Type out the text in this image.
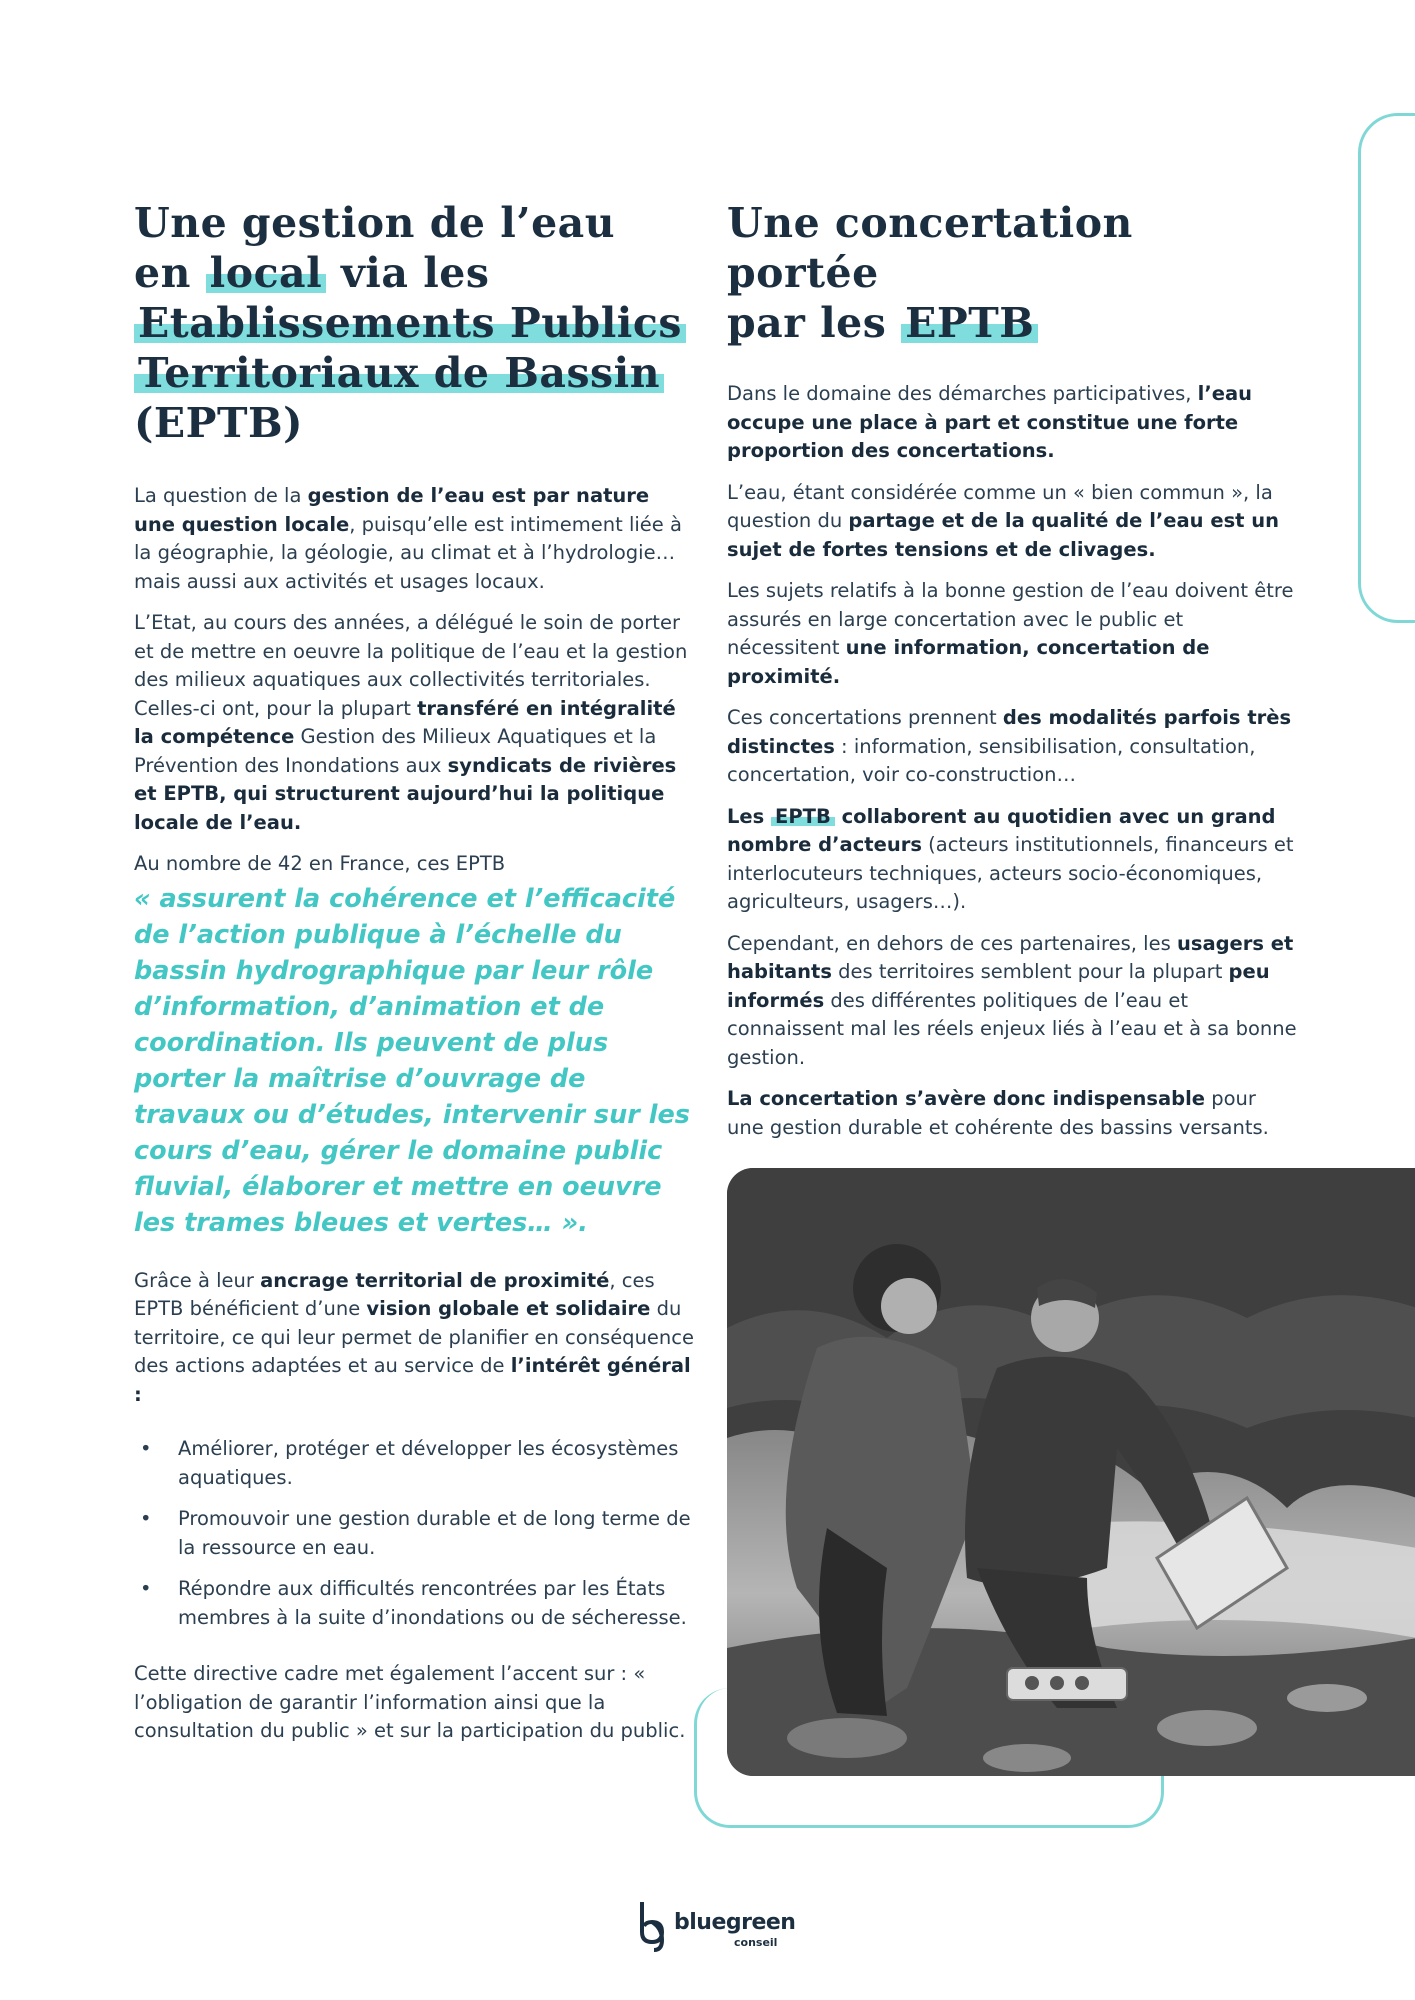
Une gestion de l’eau
en local via les
Etablissements Publics
Territoriaux de Bassin
(EPTB)

La question de la gestion de l’eau est par nature une question locale, puisqu’elle est intimement liée à la géographie, la géologie, au climat et à l’hydrologie… mais aussi aux activités et usages locaux.

L’Etat, au cours des années, a délégué le soin de porter et de mettre en oeuvre la politique de l’eau et la gestion des milieux aquatiques aux collectivités territoriales. Celles-ci ont, pour la plupart transféré en intégralité la compétence Gestion des Milieux Aquatiques et la Prévention des Inondations aux syndicats de rivières et EPTB, qui structurent aujourd’hui la politique locale de l’eau.

Au nombre de 42 en France, ces EPTB

« assurent la cohérence et l’efficacité de l’action publique à l’échelle du bassin hydrographique par leur rôle d’information, d’animation et de coordination. Ils peuvent de plus porter la maîtrise d’ouvrage de travaux ou d’études, intervenir sur les cours d’eau, gérer le domaine public fluvial, élaborer et mettre en oeuvre les trames bleues et vertes… ».

Grâce à leur ancrage territorial de proximité, ces EPTB bénéficient d’une vision globale et solidaire du territoire, ce qui leur permet de planifier en conséquence des actions adaptées et au service de l’intérêt général :

• Améliorer, protéger et développer les écosystèmes aquatiques.
• Promouvoir une gestion durable et de long terme de la ressource en eau.
• Répondre aux difficultés rencontrées par les États membres à la suite d’inondations ou de sécheresse.

Cette directive cadre met également l’accent sur : « l’obligation de garantir l’information ainsi que la consultation du public » et sur la participation du public.

Une concertation portée
par les EPTB

Dans le domaine des démarches participatives, l’eau occupe une place à part et constitue une forte proportion des concertations.

L’eau, étant considérée comme un « bien commun », la question du partage et de la qualité de l’eau est un sujet de fortes tensions et de clivages.

Les sujets relatifs à la bonne gestion de l’eau doivent être assurés en large concertation avec le public et nécessitent une information, concertation de proximité.

Ces concertations prennent des modalités parfois très distinctes : information, sensibilisation, consultation, concertation, voir co-construction…

Les EPTB collaborent au quotidien avec un grand nombre d’acteurs (acteurs institutionnels, financeurs et interlocuteurs techniques, acteurs socio-économiques, agriculteurs, usagers…).

Cependant, en dehors de ces partenaires, les usagers et habitants des territoires semblent pour la plupart peu informés des différentes politiques de l’eau et connaissent mal les réels enjeux liés à l’eau et à sa bonne gestion.

La concertation s’avère donc indispensable pour une gestion durable et cohérente des bassins versants.

bluegreen
conseil
